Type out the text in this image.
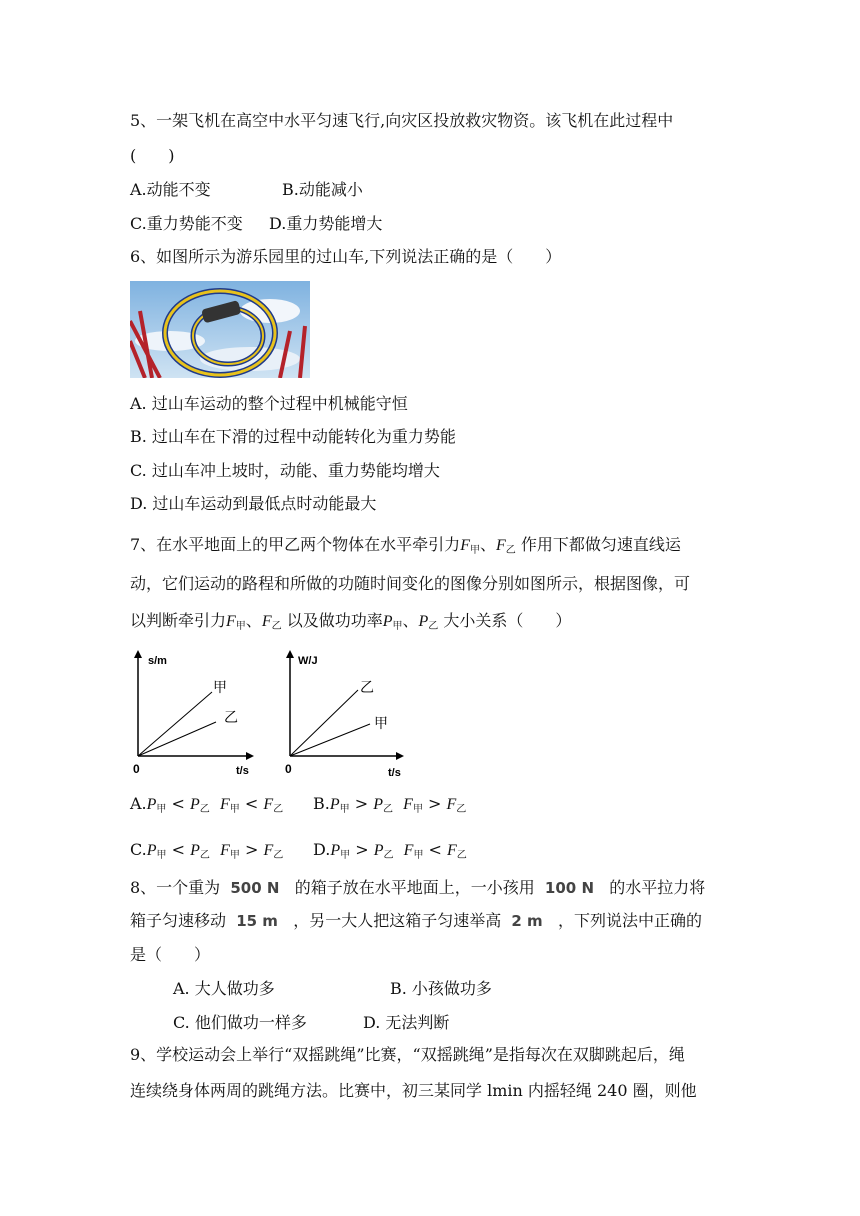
5、一架飞机在高空中水平匀速飞行,向灾区投放救灾物资。该飞机在此过程中
(　　)
A.动能不变	B.动能减小
C.重力势能不变 D.重力势能增大
6、如图所示为游乐园里的过山车,下列说法正确的是（　　）
A. 过山车运动的整个过程中机械能守恒
B. 过山车在下滑的过程中动能转化为重力势能
C. 过山车冲上坡时，动能、重力势能均增大
D. 过山车运动到最低点时动能最大
7、在水平地面上的甲乙两个物体在水平牵引力$F_甲$、$F_乙$ 作用下都做匀速直线运
动，它们运动的路程和所做的功随时间变化的图像分别如图所示，根据图像，可
以判断牵引力$F_甲$、$F_乙$ 以及做功功率$P_甲$、$P_乙$ 大小关系（　　）
s/m
t/s
0
甲
乙
W/J
t/s
0
乙
甲
$A.P_甲 < P_乙$ $F_甲 < F_乙$ $B.P_甲 > P_乙$ $F_甲 > F_乙$
$C.P_甲 < P_乙$ $F_甲 > F_乙$ $D.P_甲 > P_乙$ $F_甲 < F_乙$
8、一个重为 500 N 的箱子放在水平地面上，一小孩用 100 N 的水平拉力将
箱子匀速移动 15 m ，另一大人把这箱子匀速举高 2 m ，下列说法中正确的
是（　　）
A. 大人做功多	B. 小孩做功多
C. 他们做功一样多	D. 无法判断
9、学校运动会上举行“双摇跳绳”比赛，“双摇跳绳”是指每次在双脚跳起后，绳
连续绕身体两周的跳绳方法。比赛中，初三某同学 lmin 内摇轻绳 240 圈，则他
